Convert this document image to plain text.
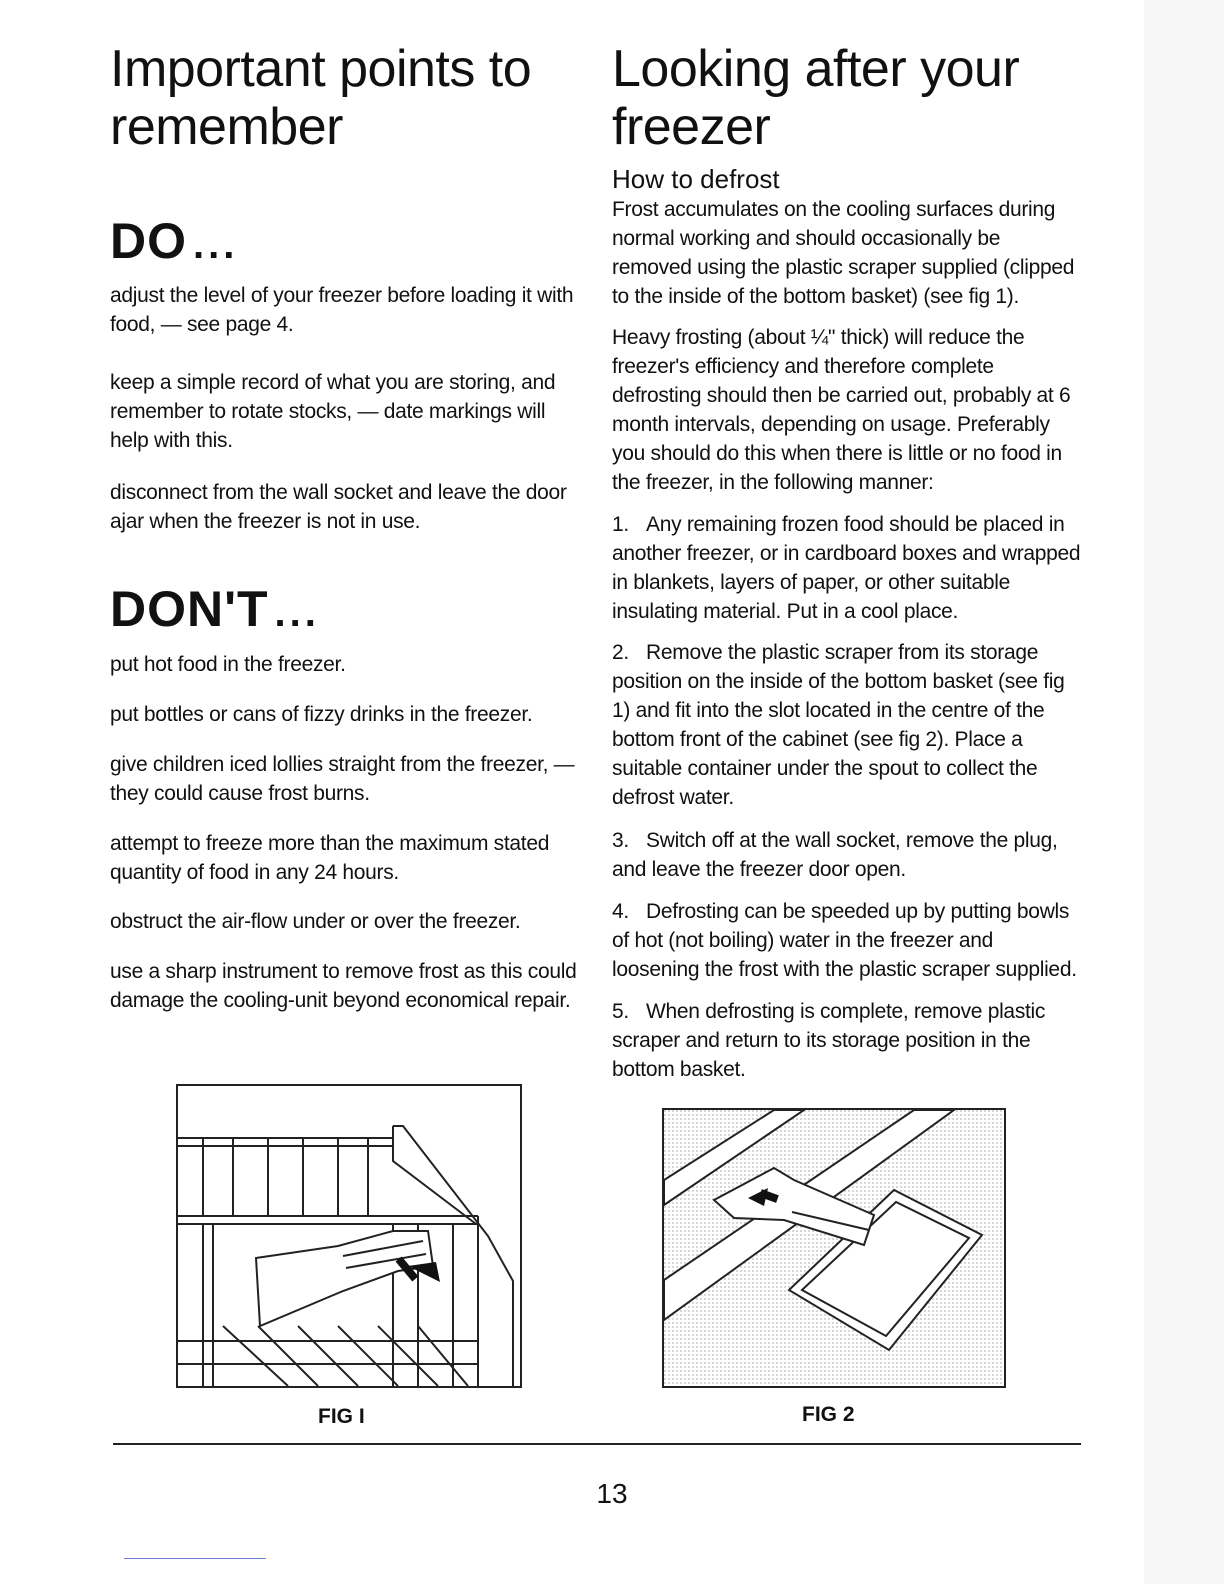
Important points to remember
DO ...

adjust the level of your freezer before loading it with food, — see page 4.

keep a simple record of what you are storing, and remember to rotate stocks, — date markings will help with this.

disconnect from the wall socket and leave the door ajar when the freezer is not in use.

DON'T ...

put hot food in the freezer.

put bottles or cans of fizzy drinks in the freezer.

give children iced lollies straight from the freezer, — they could cause frost burns.

attempt to freeze more than the maximum stated quantity of food in any 24 hours.

obstruct the air-flow under or over the freezer.

use a sharp instrument to remove frost as this could damage the cooling-unit beyond economical repair.

Looking after your freezer
How to defrost

Frost accumulates on the cooling surfaces during normal working and should occasionally be removed using the plastic scraper supplied (clipped to the inside of the bottom basket) (see fig 1).

Heavy frosting (about ¼" thick) will reduce the freezer's efficiency and therefore complete defrosting should then be carried out, probably at 6 month intervals, depending on usage. Preferably you should do this when there is little or no food in the freezer, in the following manner:

1. Any remaining frozen food should be placed in another freezer, or in cardboard boxes and wrapped in blankets, layers of paper, or other suitable insulating material. Put in a cool place.

2. Remove the plastic scraper from its storage position on the inside of the bottom basket (see fig 1) and fit into the slot located in the centre of the bottom front of the cabinet (see fig 2). Place a suitable container under the spout to collect the defrost water.

3. Switch off at the wall socket, remove the plug, and leave the freezer door open.

4. Defrosting can be speeded up by putting bowls of hot (not boiling) water in the freezer and loosening the frost with the plastic scraper supplied.

5. When defrosting is complete, remove plastic scraper and return to its storage position in the bottom basket.

FIG I	FIG 2
13
